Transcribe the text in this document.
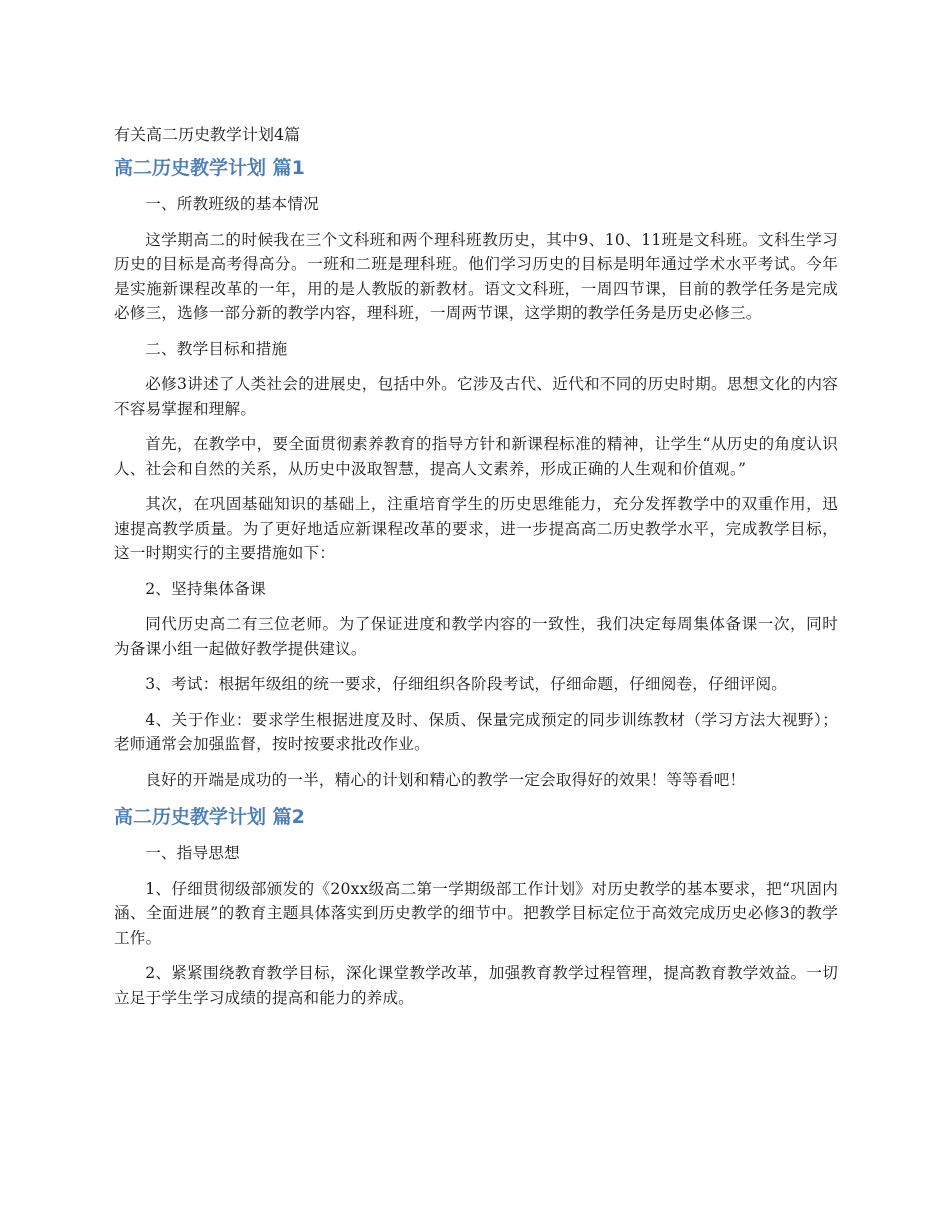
有关高二历史教学计划4篇
高二历史教学计划 篇1

一、所教班级的基本情况

这学期高二的时候我在三个文科班和两个理科班教历史，其中9、10、11班是文科班。文科生学习历史的目标是高考得高分。一班和二班是理科班。他们学习历史的目标是明年通过学术水平考试。今年是实施新课程改革的一年，用的是人教版的新教材。语文文科班，一周四节课，目前的教学任务是完成必修三，选修一部分新的教学内容，理科班，一周两节课，这学期的教学任务是历史必修三。

二、教学目标和措施

必修3讲述了人类社会的进展史，包括中外。它涉及古代、近代和不同的历史时期。思想文化的内容不容易掌握和理解。

首先，在教学中，要全面贯彻素养教育的指导方针和新课程标准的精神，让学生“从历史的角度认识人、社会和自然的关系，从历史中汲取智慧，提高人文素养，形成正确的人生观和价值观。”

其次，在巩固基础知识的基础上，注重培育学生的历史思维能力，充分发挥教学中的双重作用，迅速提高教学质量。为了更好地适应新课程改革的要求，进一步提高高二历史教学水平，完成教学目标，这一时期实行的主要措施如下：

2、坚持集体备课

同代历史高二有三位老师。为了保证进度和教学内容的一致性，我们决定每周集体备课一次，同时为备课小组一起做好教学提供建议。

3、考试：根据年级组的统一要求，仔细组织各阶段考试，仔细命题，仔细阅卷，仔细评阅。

4、关于作业：要求学生根据进度及时、保质、保量完成预定的同步训练教材（学习方法大视野）；老师通常会加强监督，按时按要求批改作业。

良好的开端是成功的一半，精心的计划和精心的教学一定会取得好的效果！等等看吧！

高二历史教学计划 篇2

一、指导思想

1、仔细贯彻级部颁发的《20xx级高二第一学期级部工作计划》对历史教学的基本要求，把“巩固内涵、全面进展”的教育主题具体落实到历史教学的细节中。把教学目标定位于高效完成历史必修3的教学工作。

2、紧紧围绕教育教学目标，深化课堂教学改革，加强教育教学过程管理，提高教育教学效益。一切立足于学生学习成绩的提高和能力的养成。
